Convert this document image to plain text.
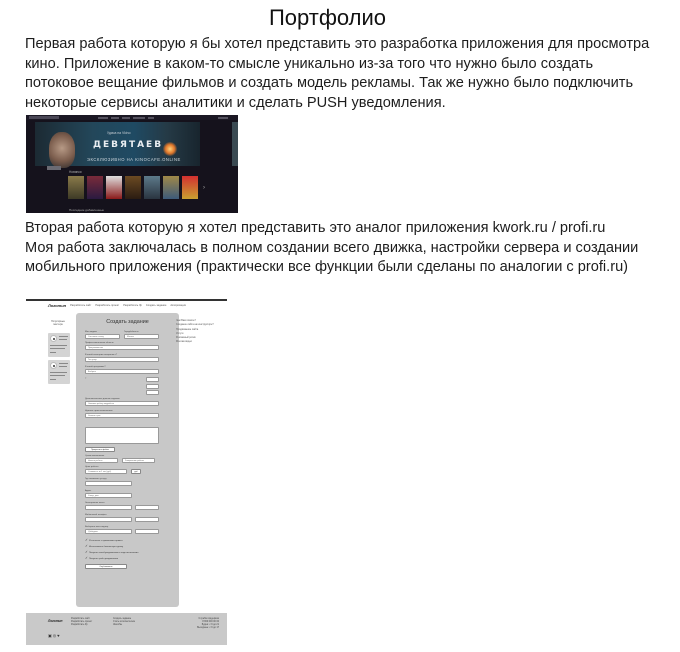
Портфолио
Первая работа которую я бы хотел представить это разработка приложения для просмотра кино. Приложение в каком-то смысле уникально из-за того что нужно было создать потоковое вещание фильмов и создать модель рекламы. Так же нужно было подключить некоторые сервисы аналитики и сделать PUSH уведомления.
Удача на Vkino
ДЕВЯТАЕВ
ЭКСКЛЮЗИВНО НА KINOCAFE.ONLINE
Новинки
›
Последние добавленные
Вторая работа которую я хотел представить это аналог приложения kwork.ru / profi.ru
Моя работа заключалась в полном создании всего движка, настройки сервера и создании мобильного приложения (практически все функции были сделаны по аналогии с profi.ru)
Логотип Разработать сайт Разработать проект Разработать Ifp Создать задание Авторизация
Популярные мастера	Создать задание
Моя задача	Город/область
Составить схему	Москва
Профессиональная область
Программистам
В какой категории специалист?
Тип услуг
В какой программе?
Выбрать
?
Дополнительные данные задания
Опишите работу подробнее
Нужные сроки выполнения
Укажите срок
Прикрепить файлы
Сроки выполнения
Начало работы	Завершение работы
Цена работы
Стоимость за 1 час (руб)	руб
Где оказывать услугу
Адрес
Улица, дом
Электронная почта
Мобильный телефон
Выберите мессенджер
@telegram
✓ Я согласен с правилами сервиса
✓ Использовать безопасную сделку
✓ Получать email-уведомления о ходе исполнения
✓ Получать push-уведомления
Опубликовать
Чем Вам помочь?
Создание сайта на конструкторе?
Продвижение сайта
Услуги
Рекламный ролик
Монтаж видео
Логотип	Разработать сайт
Разработать проект
Разработать Ifp
Создать задание
Стать исполнителем
Жалобы
Служба поддержки
8 800 000 00 00
Будни: с 9 до 21
Выходные: с 9 до 17
▣◎♥
